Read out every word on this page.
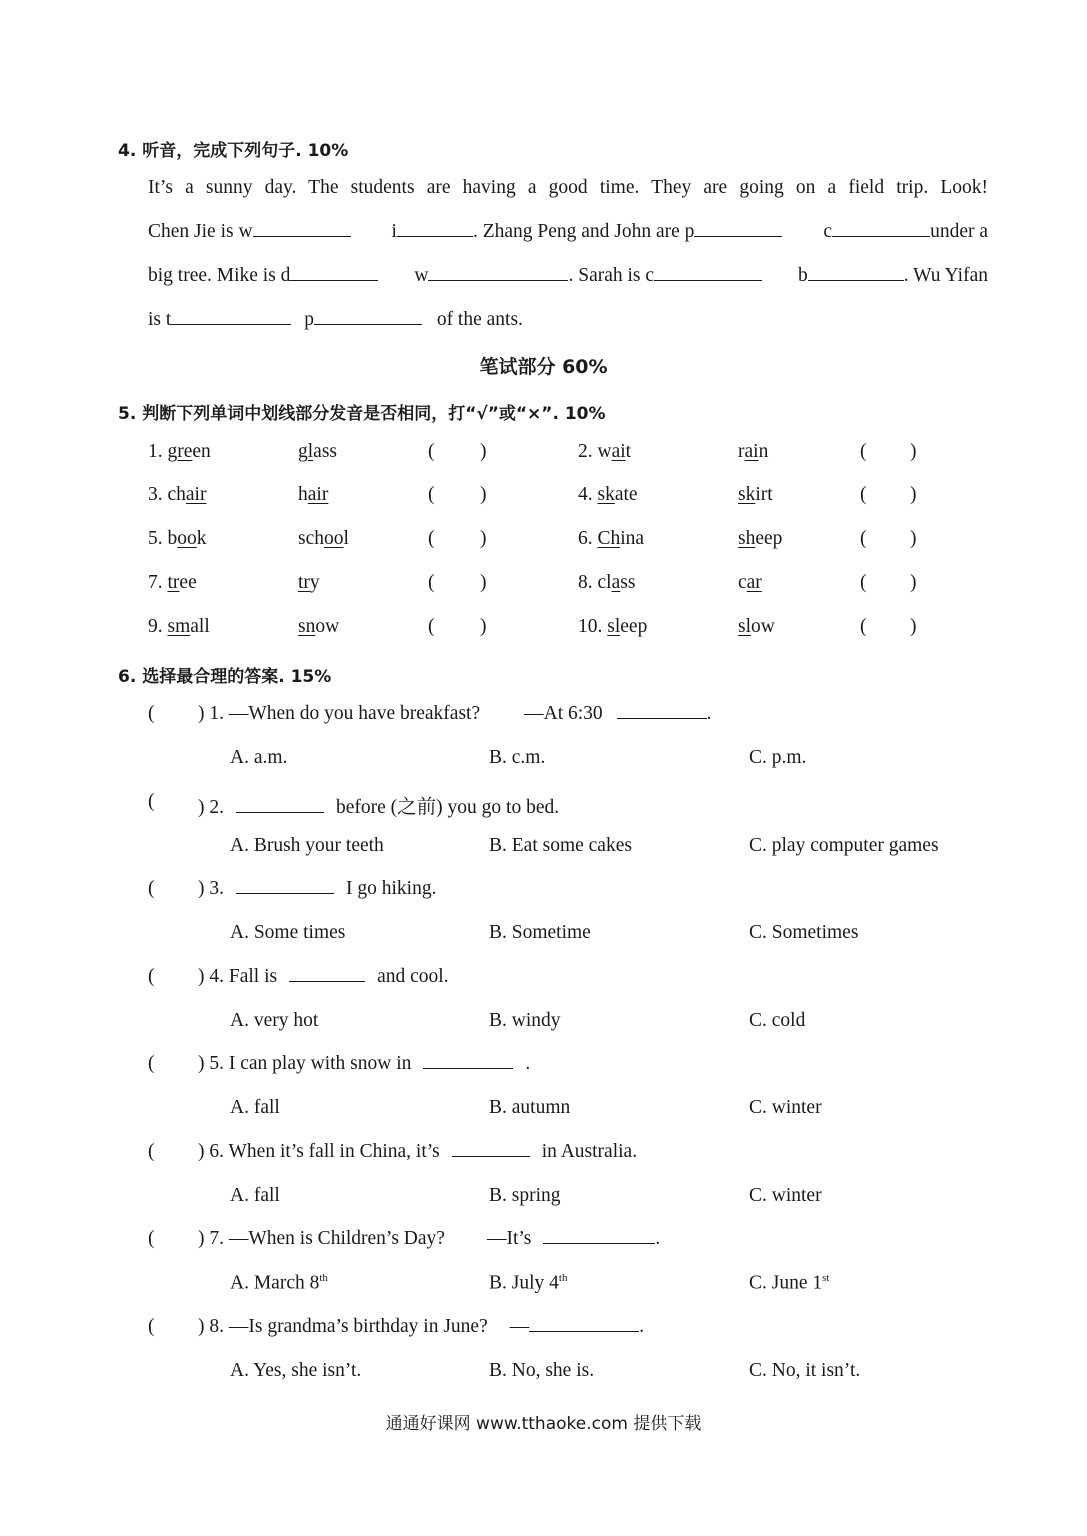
4. 听音，完成下列句子. 10%
It’s a sunny day. The students are having a good time. They are going on a field trip. Look!
Chen Jie is w	i	. Zhang Peng and John are p	c	under a
big tree. Mike is d	w	. Sarah is c	b	. Wu Yifan
is t	p	of the ants.
笔试部分 60%
5. 判断下列单词中划线部分发音是否相同，打“√”或“×”. 10%
1. green	glass	( )	2. wait	rain	( )
3. chair	hair	( )	4. skate	skirt	( )
5. book	school	( )	6. China	sheep	( )
7. tree	try	( )	8. class	car	( )
9. small	snow	( )	10. sleep	slow	( )
6. 选择最合理的答案. 15%
( ) 1. —When do you have breakfast? —At 6:30	.
A. a.m.	B. c.m.	C. p.m.
( ) 2.	before (之前) you go to bed.
A. Brush your teeth	B. Eat some cakes	C. play computer games
( ) 3.	I go hiking.
A. Some times	B. Sometime	C. Sometimes
( ) 4. Fall is	and cool.
A. very hot	B. windy	C. cold
( ) 5. I can play with snow in	.
A. fall	B. autumn	C. winter
( ) 6. When it’s fall in China, it’s	in Australia.
A. fall	B. spring	C. winter
( ) 7. —When is Children’s Day? —It’s	.
A. March 8th	B. July 4th	C. June 1st
( ) 8. —Is grandma’s birthday in June? —	.
A. Yes, she isn’t.	B. No, she is.	C. No, it isn’t.
通通好课网 www.tthaoke.com 提供下载
